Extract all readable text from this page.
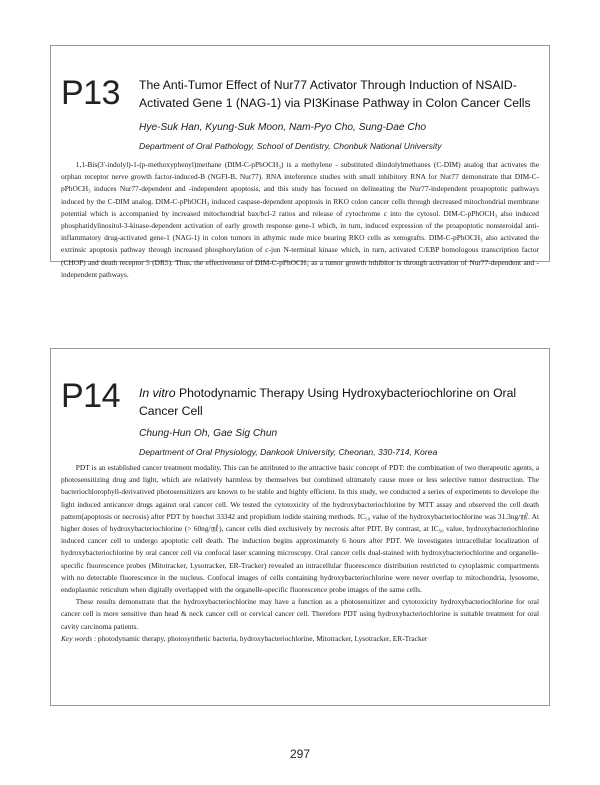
P13 The Anti-Tumor Effect of Nur77 Activator Through Induction of NSAID-Activated Gene 1 (NAG-1) via PI3Kinase Pathway in Colon Cancer Cells
Hye-Suk Han, Kyung-Suk Moon, Nam-Pyo Cho, Sung-Dae Cho
Department of Oral Pathology, School of Dentistry, Chonbuk National University

1,1-Bis(3'-indolyl)-1-(p-methoxyphenyl)methane (DIM-C-pPhOCH₃) is a methylene - substituted diindolylmethanes (C-DIM) analog that activates the orphan receptor nerve growth factor-induced-B (NGFI-B, Nur77). RNA inteference studies with small inhibitory RNA for Nur77 demonstrate that DIM-C-pPhOCH₃ induces Nur77-dependent and -independent apoptosis, and this study has focused on delineating the Nur77-independent proapoptotic pathways induced by the C-DIM analog. DIM-C-pPhOCH₃ induced caspase-dependent apoptosis in RKO colon cancer cells through decreased mitochondrial membrane potential which is accompanied by increased mitochondrial bax/bcl-2 ratios and release of cytochrome c into the cytosol. DIM-C-pPhOCH₃ also induced phosphatidylinositol-3-kinase-dependent activation of early growth response gene-1 which, in turn, induced expression of the proapoptotic nonsteroidal anti-inflammatory drug-activated gene-1 (NAG-1) in colon tumors in athymic nude mice bearing RKO cells as xenografts. DIM-C-pPhOCH₃ also activated the extrinsic apoptosis pathway through increased phosphorylation of c-jun N-terminal kinase which, in turn, activated C/EBP homologous transcription factor (CHOP) and death receptor 5 (DR5). Thus, the effectiveness of DIM-C-pPhOCH₃ as a tumor growth inhibitor is through activation of Nur77-dependent and -independent pathways.

P14 In vitro Photodynamic Therapy Using Hydroxybacteriochlorine on Oral Cancer Cell
Chung-Hun Oh, Gae Sig Chun
Department of Oral Physiology, Dankook University, Cheonan, 330-714, Korea

PDT is an established cancer treatment modality. This can be attributed to the attractive basic concept of PDT: the combination of two therapeutic agents, a photosensitizing drug and light, which are relatively harmless by themselves but combined ultimately cause more or less selective tumor destruction. The bacteriochlorophyll-derivatived photosensitizers are known to be stable and highly efficient. In this study, we conducted a series of experiments to develope the light induced anticancer drugs against oral cancer cell. We tested the cytotoxicity of the hydroxybacteriochlorine by MTT assay and observed the cell death pattern(apoptosis or necrosis) after PDT by hoechst 33342 and propidium iodide staining methods. IC₅₀ value of the hydroxybacteriochlorine was 31.3ng/㎖. At higher doses of hydroxybacteriochlorine (> 60ng/㎖), cancer cells died exclusively by necrosis after PDT. By contrast, at IC₅₀ value, hydroxybacteriochlorine induced cancer cell to undergo apoptotic cell death. The induction begins approximately 6 hours after PDT. We investigates intracellular localization of hydroxybacteriochlorine by oral cancer cell via confocal laser scanning microscopy. Oral cancer cells dual-stained with hydroxybacteriochlorine and organelle-specific fluorescence probes (Mitotracker, Lysotracker, ER-Tracker) revealed an intracellular fluorescence distribution restricted to cytoplasmic compartments with no detectable fluorescence in the nucleus. Confocal images of cells containing hydroxybacteriochlorine were never overlap to mitochondria, lysosome, endoplasmic reticulum when digitally overlapped with the organelle-specific fluorescence probe images of the same cells.

These results demonstrate that the hydroxybacteriochlorine may have a function as a photosensitizer and cytotoxicity hydroxybacteriochlorine for oral cancer cell is more sensitive than head & neck cancer cell or cervical cancer cell. Therefore PDT using hydroxybacteriochlorine is suitable treatment for oral cavity carcinoma patients.

Key words : photodynamic therapy, photosynthetic bacteria, hydroxybacteriochlorine, Mitotracker, Lysotracker, ER-Tracker

297
